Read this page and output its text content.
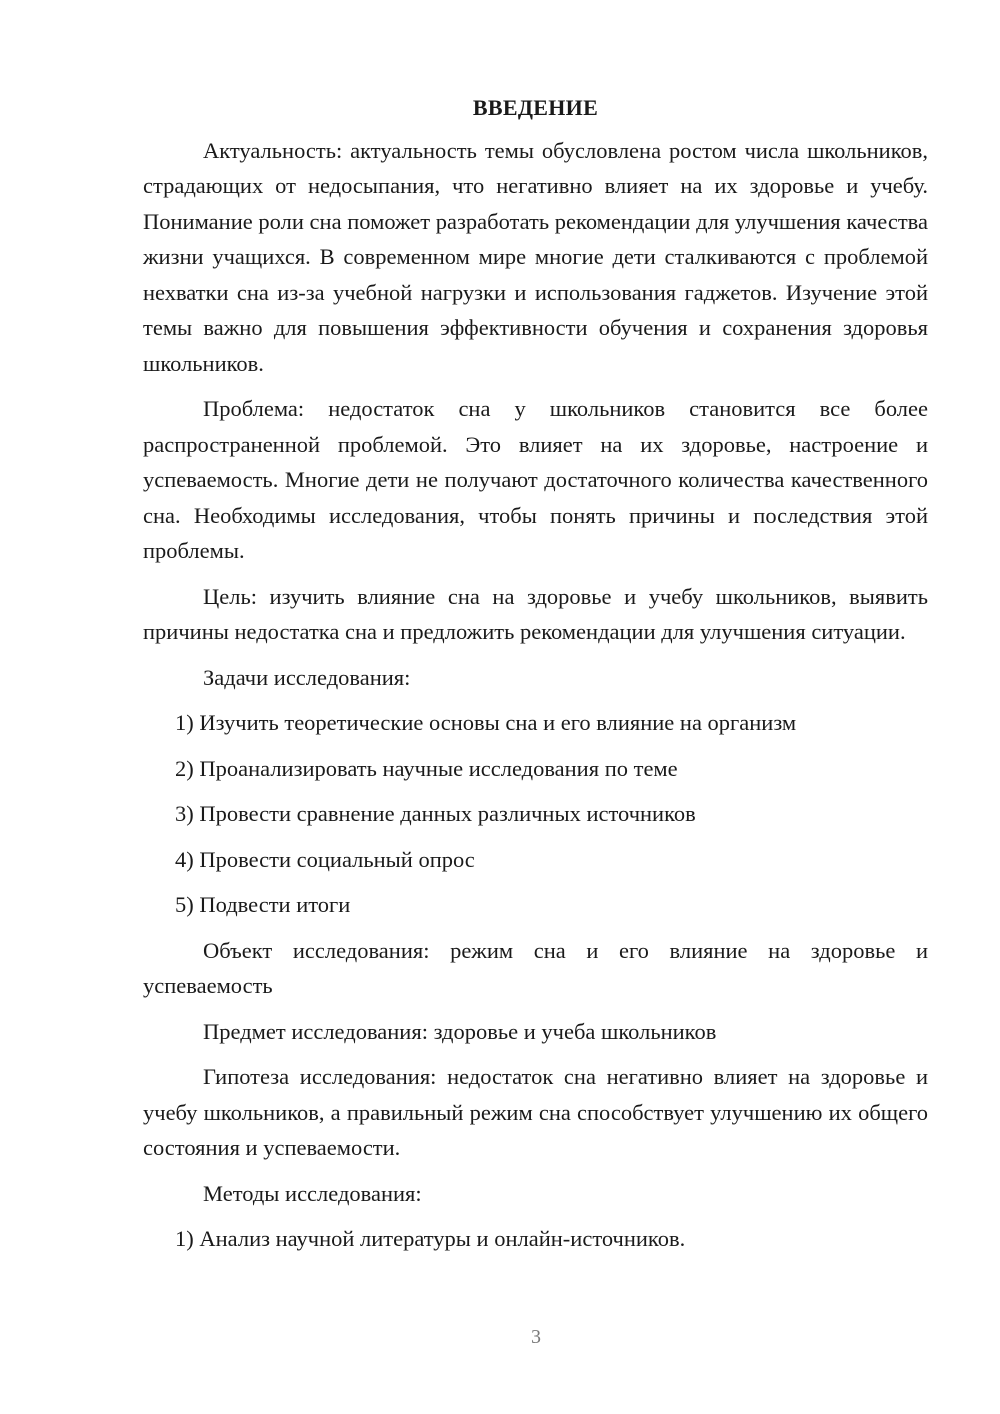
ВВЕДЕНИЕ

Актуальность: актуальность темы обусловлена ростом числа школьников, страдающих от недосыпания, что негативно влияет на их здоровье и учебу. Понимание роли сна поможет разработать рекомендации для улучшения качества жизни учащихся. В современном мире многие дети сталкиваются с проблемой нехватки сна из-за учебной нагрузки и использования гаджетов. Изучение этой темы важно для повышения эффективности обучения и сохранения здоровья школьников.

Проблема: недостаток сна у школьников становится все более распространенной проблемой. Это влияет на их здоровье, настроение и успеваемость. Многие дети не получают достаточного количества качественного сна. Необходимы исследования, чтобы понять причины и последствия этой проблемы.

Цель: изучить влияние сна на здоровье и учебу школьников, выявить причины недостатка сна и предложить рекомендации для улучшения ситуации.

Задачи исследования:

1) Изучить теоретические основы сна и его влияние на организм
2) Проанализировать научные исследования по теме
3) Провести сравнение данных различных источников
4) Провести социальный опрос
5) Подвести итоги

Объект исследования: режим сна и его влияние на здоровье и успеваемость

Предмет исследования: здоровье и учеба школьников

Гипотеза исследования: недостаток сна негативно влияет на здоровье и учебу школьников, а правильный режим сна способствует улучшению их общего состояния и успеваемости.

Методы исследования:

1) Анализ научной литературы и онлайн-источников.
3
